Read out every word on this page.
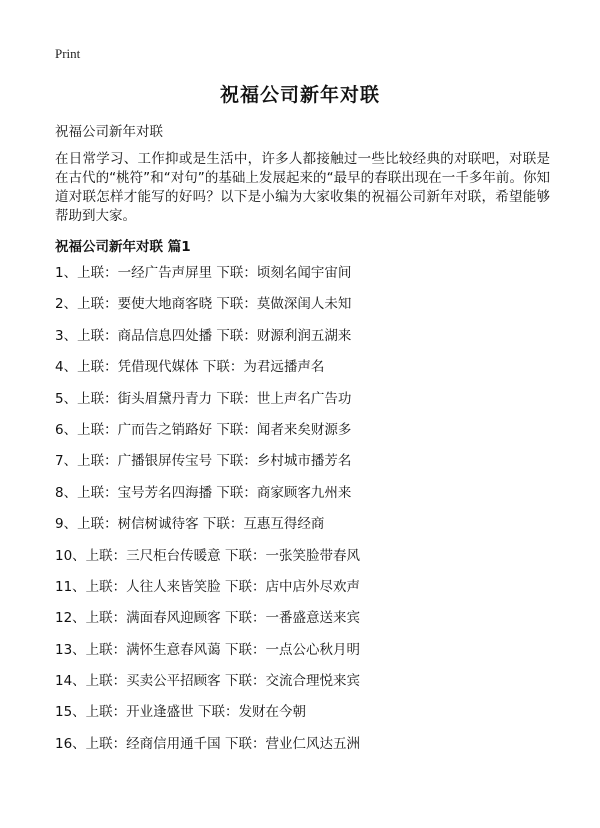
Print
祝福公司新年对联
祝福公司新年对联

在日常学习、工作抑或是生活中，许多人都接触过一些比较经典的对联吧，对联是在古代的“桃符”和“对句”的基础上发展起来的“最早的春联出现在一千多年前。你知道对联怎样才能写的好吗？以下是小编为大家收集的祝福公司新年对联，希望能够帮助到大家。

祝福公司新年对联 篇1
1、上联：一经广告声屏里 下联：顷刻名闻宇宙间
2、上联：要使大地商客晓 下联：莫做深闺人未知
3、上联：商品信息四处播 下联：财源利润五湖来
4、上联：凭借现代媒体 下联：为君远播声名
5、上联：街头眉黛丹青力 下联：世上声名广告功
6、上联：广而告之销路好 下联：闻者来矣财源多
7、上联：广播银屏传宝号 下联：乡村城市播芳名
8、上联：宝号芳名四海播 下联：商家顾客九州来
9、上联：树信树诚待客 下联：互惠互得经商
10、上联：三尺柜台传暖意 下联：一张笑脸带春风
11、上联：人往人来皆笑脸 下联：店中店外尽欢声
12、上联：满面春风迎顾客 下联：一番盛意送来宾
13、上联：满怀生意春风蔼 下联：一点公心秋月明
14、上联：买卖公平招顾客 下联：交流合理悦来宾
15、上联：开业逢盛世 下联：发财在今朝
16、上联：经商信用通千国 下联：营业仁风达五洲
